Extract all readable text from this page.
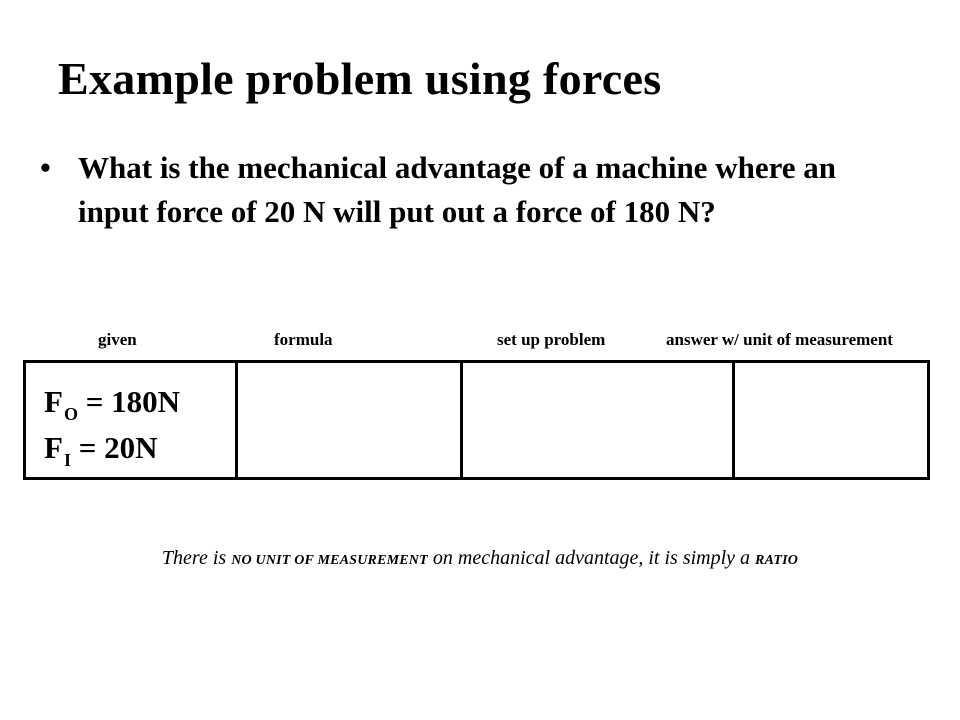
Example problem using forces
• What is the mechanical advantage of a machine where an input force of 20 N will put out a force of 180 N?
given	formula	set up problem	answer w/ unit of measurement
$F_O = 180N$
$F_I = 20N$
There is NO UNIT OF MEASUREMENT on mechanical advantage, it is simply a RATIO
